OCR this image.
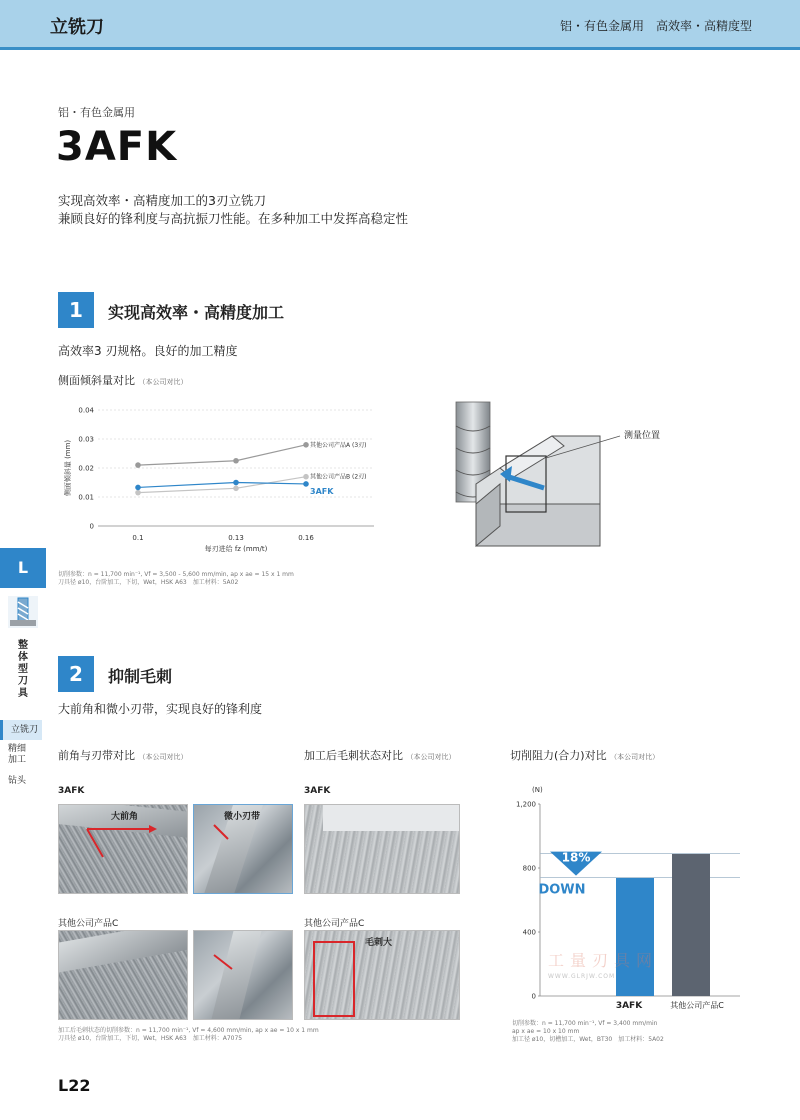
立铣刀	铝・有色金属用　高效率・高精度型
铝・有色金属用
3AFK
实现高效率・高精度加工的3刃立铣刀
兼顾良好的锋利度与高抗振刀性能。在多种加工中发挥高稳定性
L
整体型刀具
立铣刀
精细
加工
钻头
1	实现高效率・高精度加工
高效率3 刃规格。良好的加工精度
侧面倾斜量对比 （本公司对比）
0
0.01
0.02
0.03
0.04
0.1	0.13	0.16
其他公司产品A (3刃)
其他公司产品B (2刃)
3AFK
侧面倾斜量 (mm)
每刃进给 fz (mm/t)
切削参数：n = 11,700 min⁻¹, Vf = 3,500 - 5,600 mm/min, ap x ae = 15 x 1 mm
刀具径 ø10，台阶加工，下切，Wet，HSK A63　加工材料：5A02
测量位置
2	抑制毛刺
大前角和微小刃带，实现良好的锋利度
前角与刃带对比 （本公司对比）	加工后毛刺状态对比 （本公司对比）	切削阻力(合力)对比 （本公司对比）
3AFK	3AFK
大前角	微小刃带
其他公司产品C	其他公司产品C
毛刺大
加工后毛刺状态的切削参数：n = 11,700 min⁻¹, Vf = 4,600 mm/min, ap x ae = 10 x 1 mm
刀具径 ø10，台阶加工，下切，Wet，HSK A63　加工材料：A7075
0
400
800
1,200
3AFK	其他公司产品C
18%
DOWN
(N)
工量刃具网
WWW.GLRJW.COM
切削参数：n = 11,700 min⁻¹, Vf = 3,400 mm/min
ap x ae = 10 x 10 mm
加工径 ø10，切槽加工，Wet，BT30　加工材料：5A02
L22
